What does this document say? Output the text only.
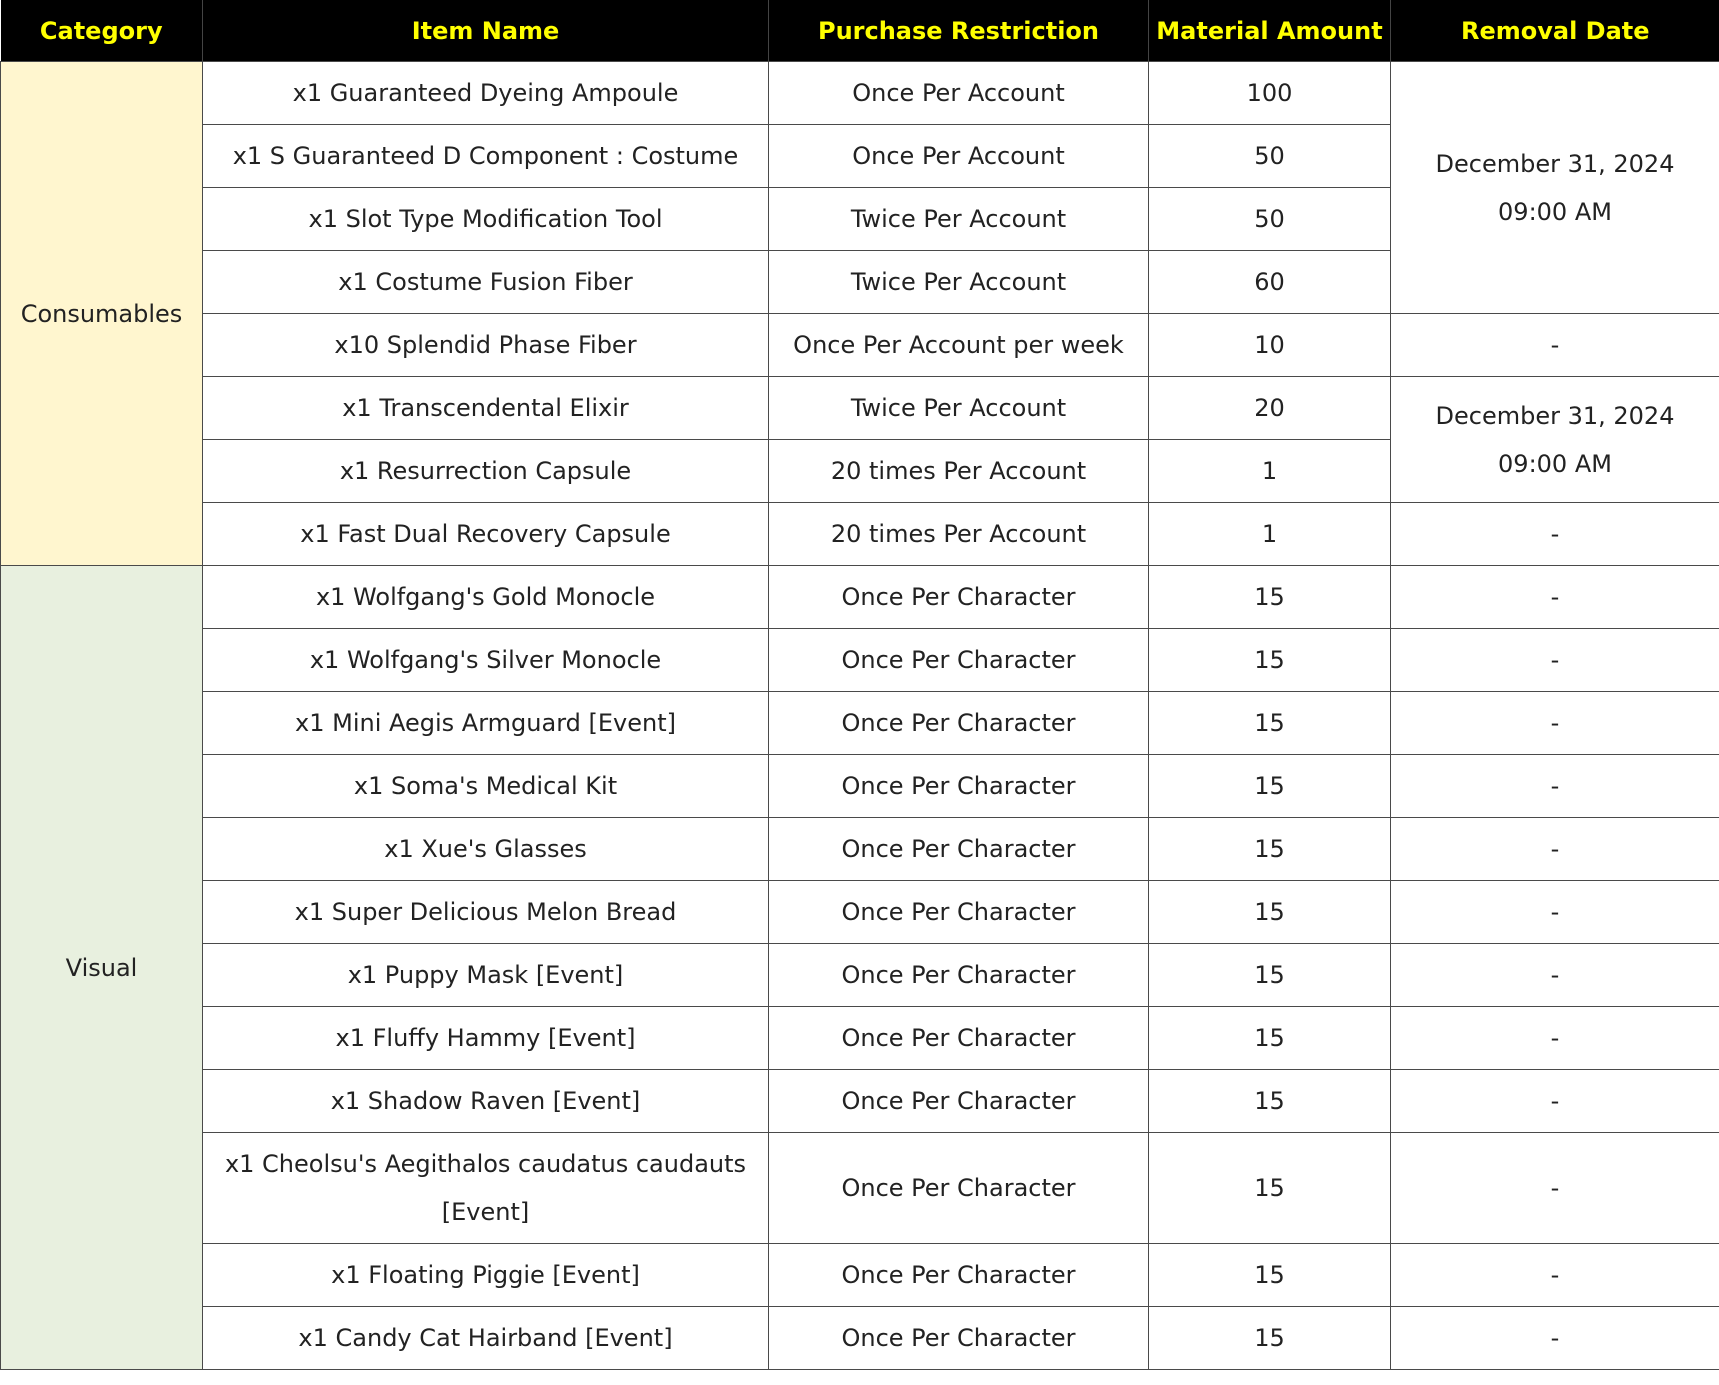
Category	Item Name	Purchase Restriction	Material Amount	Removal Date
Consumables	x1 Guaranteed Dyeing Ampoule	Once Per Account	100	December 31, 2024 09:00 AM
	x1 S Guaranteed D Component : Costume	Once Per Account	50	
	x1 Slot Type Modification Tool	Twice Per Account	50	
	x1 Costume Fusion Fiber	Twice Per Account	60	
	x10 Splendid Phase Fiber	Once Per Account per week	10	-
	x1 Transcendental Elixir	Twice Per Account	20	December 31, 2024 09:00 AM
	x1 Resurrection Capsule	20 times Per Account	1	
	x1 Fast Dual Recovery Capsule	20 times Per Account	1	-
Visual	x1 Wolfgang's Gold Monocle	Once Per Character	15	-
	x1 Wolfgang's Silver Monocle	Once Per Character	15	-
	x1 Mini Aegis Armguard [Event]	Once Per Character	15	-
	x1 Soma's Medical Kit	Once Per Character	15	-
	x1 Xue's Glasses	Once Per Character	15	-
	x1 Super Delicious Melon Bread	Once Per Character	15	-
	x1 Puppy Mask [Event]	Once Per Character	15	-
	x1 Fluffy Hammy [Event]	Once Per Character	15	-
	x1 Shadow Raven [Event]	Once Per Character	15	-
	x1 Cheolsu's Aegithalos caudatus caudauts [Event]	Once Per Character	15	-
	x1 Floating Piggie [Event]	Once Per Character	15	-
	x1 Candy Cat Hairband [Event]	Once Per Character	15	-
